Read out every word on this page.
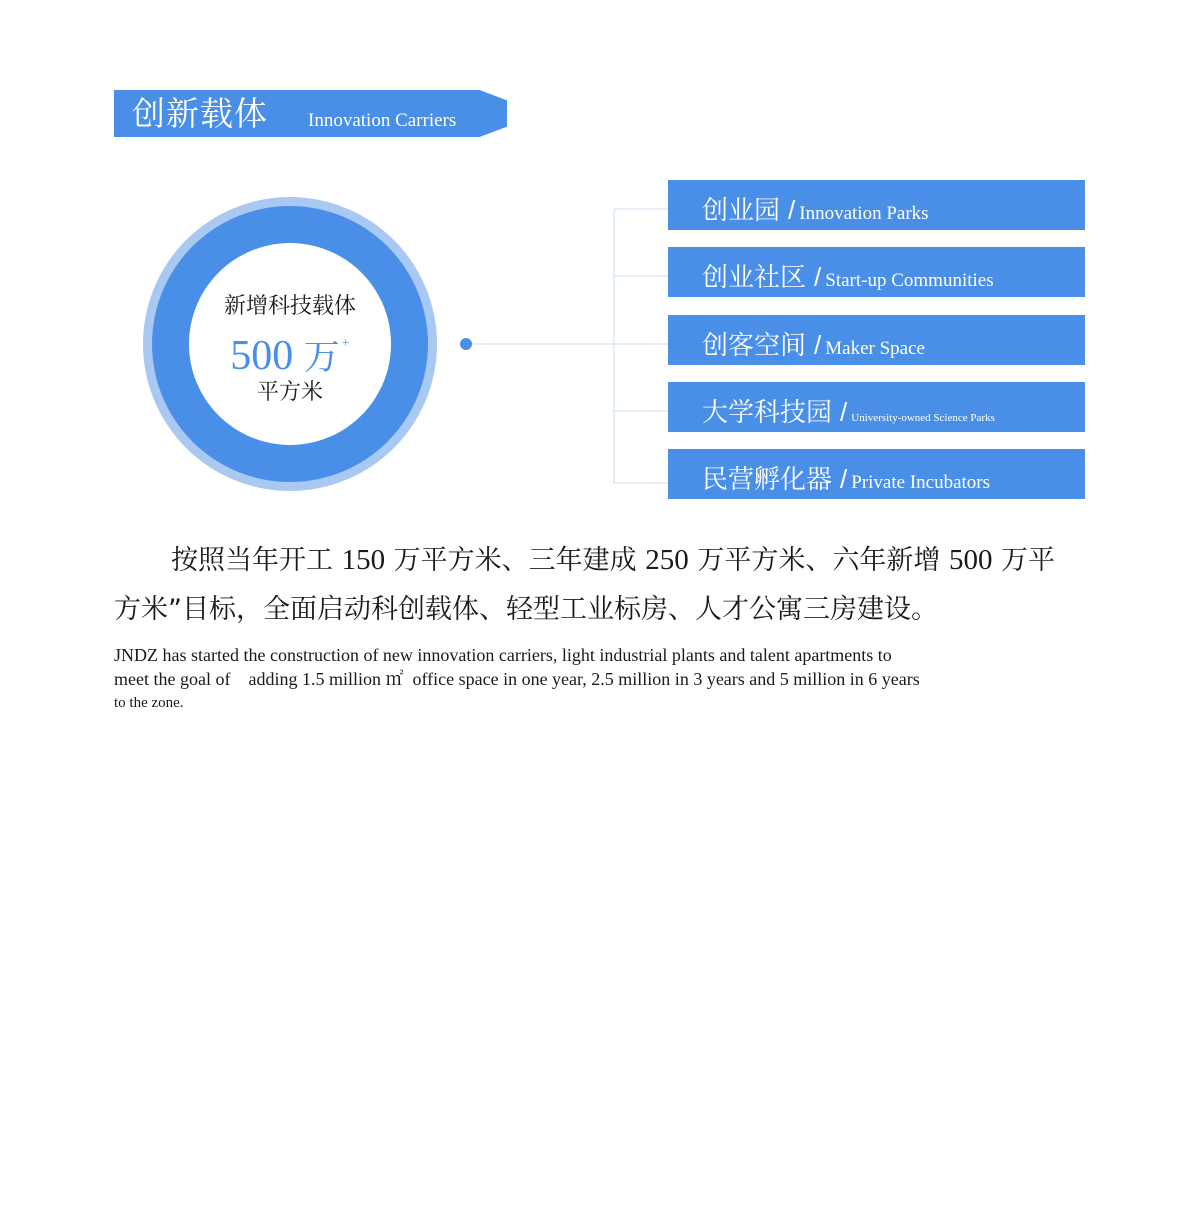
创新载体 Innovation Carriers
新增科技载体
500 万 +
平方米
创业园 / Innovation Parks
创业社区 / Start-up Communities
创客空间 / Maker Space
大学科技园 / University-owned Science Parks
民营孵化器 / Private Incubators
按照当年开工 150 万平方米、三年建成 250 万平方米、六年新增 500 万平方米”目标，全面启动科创载体、轻型工业标房、人才公寓三房建设。
JNDZ has started the construction of new innovation carriers, light industrial plants and talent apartments to
meet the goal of    adding 1.5 million ㎡  office space in one year, 2.5 million in 3 years and 5 million in 6 years
to the zone.
